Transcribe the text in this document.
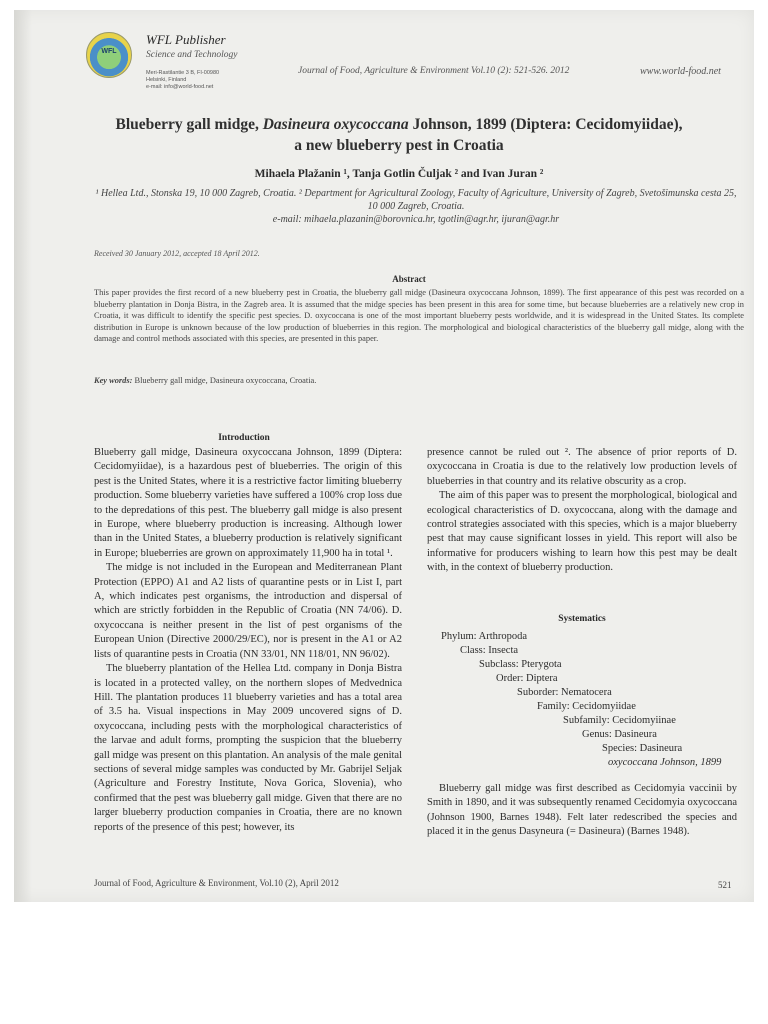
WFL
WFL Publisher
Science and Technology
Meri-Rastilantie 3 B, FI-00980
Helsinki, Finland
e-mail: info@world-food.net
Journal of Food, Agriculture & Environment Vol.10 (2): 521-526. 2012	www.world-food.net
Blueberry gall midge, Dasineura oxycoccana Johnson, 1899 (Diptera: Cecidomyiidae),
a new blueberry pest in Croatia
Mihaela Plažanin ¹, Tanja Gotlin Čuljak ² and Ivan Juran ²
¹ Hellea Ltd., Stonska 19, 10 000 Zagreb, Croatia. ² Department for Agricultural Zoology, Faculty of Agriculture, University of Zagreb, Svetošimunska cesta 25, 10 000 Zagreb, Croatia.
e-mail: mihaela.plazanin@borovnica.hr, tgotlin@agr.hr, ijuran@agr.hr
Received 30 January 2012, accepted 18 April 2012.
Abstract
This paper provides the first record of a new blueberry pest in Croatia, the blueberry gall midge (Dasineura oxycoccana Johnson, 1899). The first appearance of this pest was recorded on a blueberry plantation in Donja Bistra, in the Zagreb area. It is assumed that the midge species has been present in this area for some time, but because blueberries are a relatively new crop in Croatia, it was difficult to identify the specific pest species. D. oxycoccana is one of the most important blueberry pests worldwide, and it is widespread in the United States. Its complete distribution in Europe is unknown because of the low production of blueberries in this region. The morphological and biological characteristics of the blueberry gall midge, along with the damage and control methods associated with this species, are presented in this paper.
Key words: Blueberry gall midge, Dasineura oxycoccana, Croatia.
Introduction

Blueberry gall midge, Dasineura oxycoccana Johnson, 1899 (Diptera: Cecidomyiidae), is a hazardous pest of blueberries. The origin of this pest is the United States, where it is a restrictive factor limiting blueberry production. Some blueberry varieties have suffered a 100% crop loss due to the depredations of this pest. The blueberry gall midge is also present in Europe, where blueberry production is increasing. Although lower than in the United States, a blueberry production is relatively significant in Europe; blueberries are grown on approximately 11,900 ha in total ¹.

The midge is not included in the European and Mediterranean Plant Protection (EPPO) A1 and A2 lists of quarantine pests or in List I, part A, which indicates pest organisms, the introduction and dispersal of which are strictly forbidden in the Republic of Croatia (NN 74/06). D. oxycoccana is neither present in the list of pest organisms of the European Union (Directive 2000/29/EC), nor is present in the A1 or A2 lists of quarantine pests in Croatia (NN 33/01, NN 118/01, NN 96/02).

The blueberry plantation of the Hellea Ltd. company in Donja Bistra is located in a protected valley, on the northern slopes of Medvednica Hill. The plantation produces 11 blueberry varieties and has a total area of 3.5 ha. Visual inspections in May 2009 uncovered signs of D. oxycoccana, including pests with the morphological characteristics of the larvae and adult forms, prompting the suspicion that the blueberry gall midge was present on this plantation. An analysis of the male genital sections of several midge samples was conducted by Mr. Gabrijel Seljak (Agriculture and Forestry Institute, Nova Gorica, Slovenia), who confirmed that the pest was blueberry gall midge. Given that there are no larger blueberry production companies in Croatia, there are no known reports of the presence of this pest; however, its

presence cannot be ruled out ². The absence of prior reports of D. oxycoccana in Croatia is due to the relatively low production levels of blueberries in that country and its relative obscurity as a crop.

The aim of this paper was to present the morphological, biological and ecological characteristics of D. oxycoccana, along with the damage and control strategies associated with this species, which is a major blueberry pest that may cause significant losses in yield. This report will also be informative for producers wishing to learn how this pest may be dealt with, in the context of blueberry production.

Systematics
Phylum: Arthropoda
Class: Insecta
Subclass: Pterygota
Order: Diptera
Suborder: Nematocera
Family: Cecidomyiidae
Subfamily: Cecidomyiinae
Genus: Dasineura
Species: Dasineura
oxycoccana Johnson, 1899

Blueberry gall midge was first described as Cecidomyia vaccinii by Smith in 1890, and it was subsequently renamed Cecidomyia oxycoccana (Johnson 1900, Barnes 1948). Felt later redescribed the species and placed it in the genus Dasyneura (= Dasineura) (Barnes 1948).

Journal of Food, Agriculture & Environment, Vol.10 (2), April 2012	521
